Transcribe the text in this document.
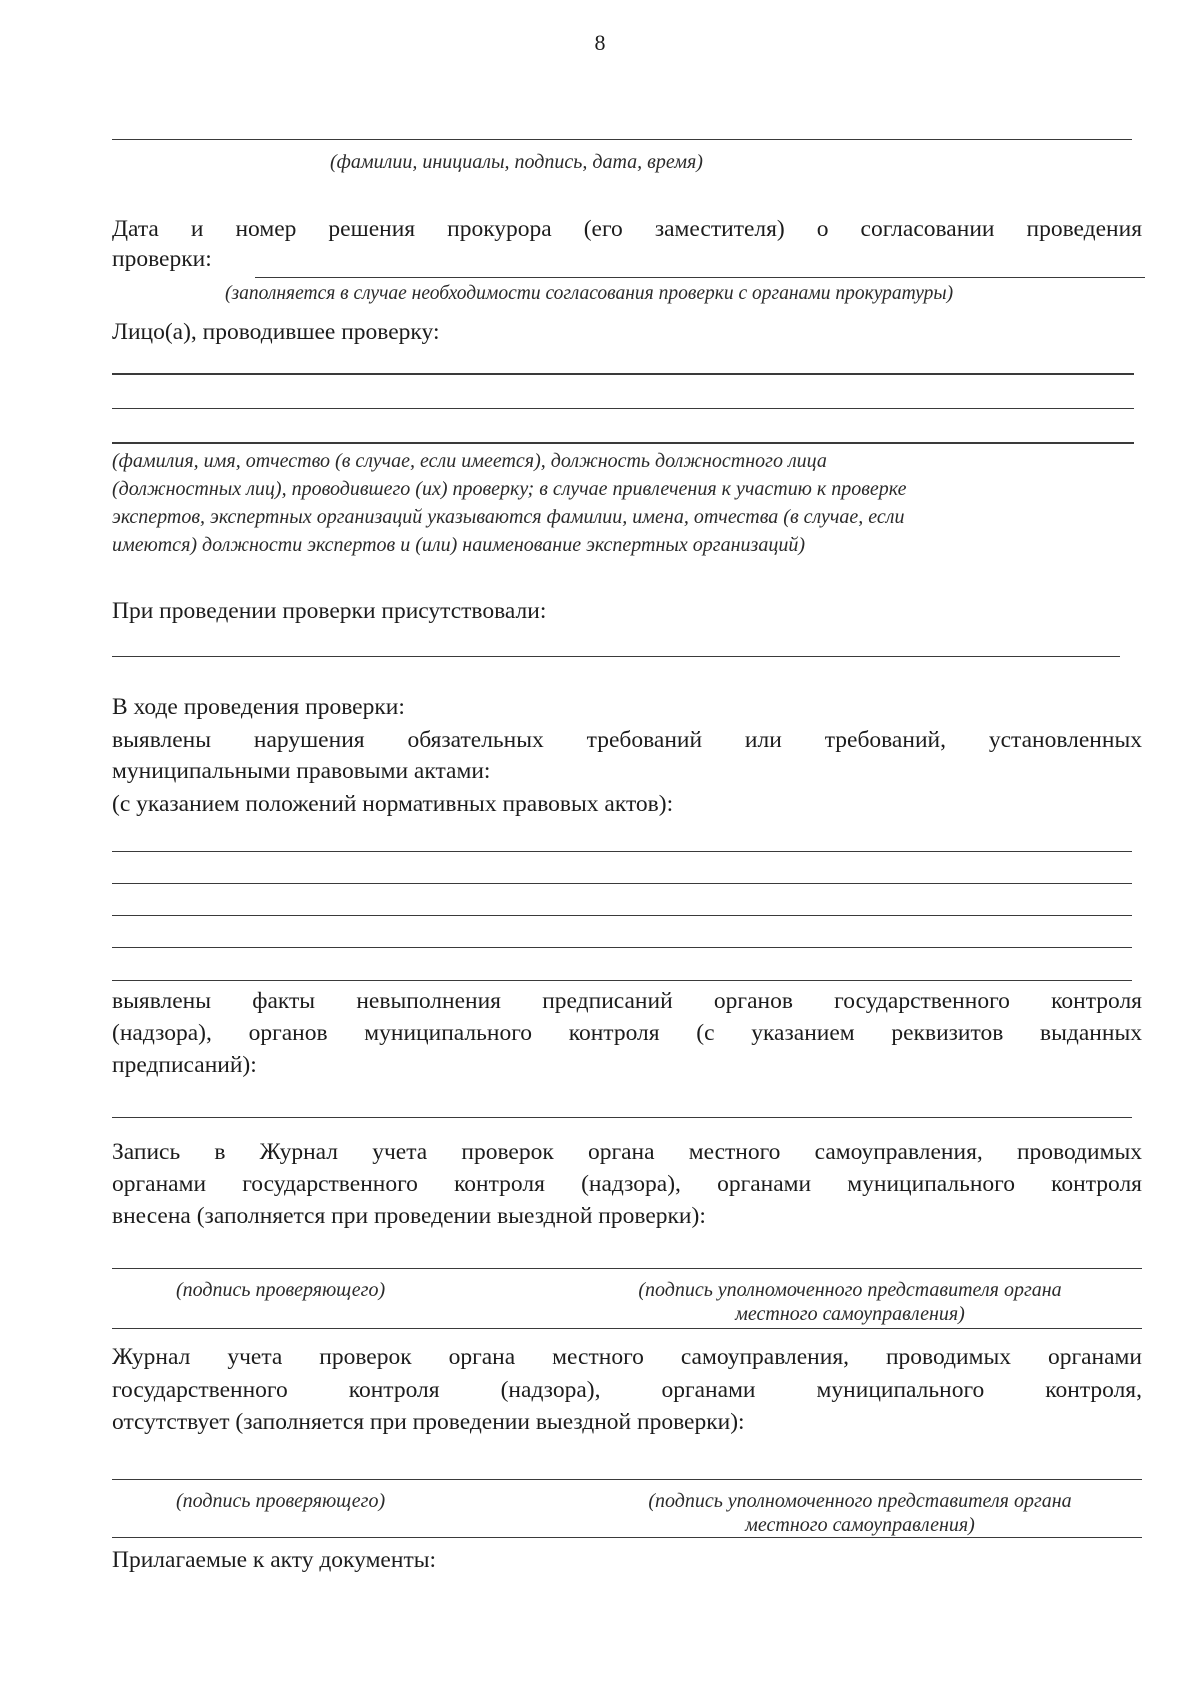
8
(фамилии, инициалы, подпись, дата, время)
Дата и номер решения прокурора (его заместителя) о согласовании проведения
проверки:
(заполняется в случае необходимости согласования проверки с органами прокуратуры)
Лицо(а), проводившее проверку:
(фамилия, имя, отчество (в случае, если имеется), должность должностного лица
(должностных лиц), проводившего (их) проверку; в случае привлечения к участию к проверке
экспертов, экспертных организаций указываются фамилии, имена, отчества (в случае, если
имеются) должности экспертов и (или) наименование экспертных организаций)
При проведении проверки присутствовали:
В ходе проведения проверки:
выявлены нарушения обязательных требований или требований, установленных
муниципальными правовыми актами:
(с указанием положений нормативных правовых актов):
выявлены факты невыполнения предписаний органов государственного контроля
(надзора), органов муниципального контроля (с указанием реквизитов выданных
предписаний):
Запись в Журнал учета проверок органа местного самоуправления, проводимых
органами государственного контроля (надзора), органами муниципального контроля
внесена (заполняется при проведении выездной проверки):
(подпись проверяющего)	(подпись уполномоченного представителя органа
местного самоуправления)
Журнал учета проверок органа местного самоуправления, проводимых органами
государственного контроля (надзора), органами муниципального контроля,
отсутствует (заполняется при проведении выездной проверки):
(подпись проверяющего)	(подпись уполномоченного представителя органа
местного самоуправления)
Прилагаемые к акту документы:
